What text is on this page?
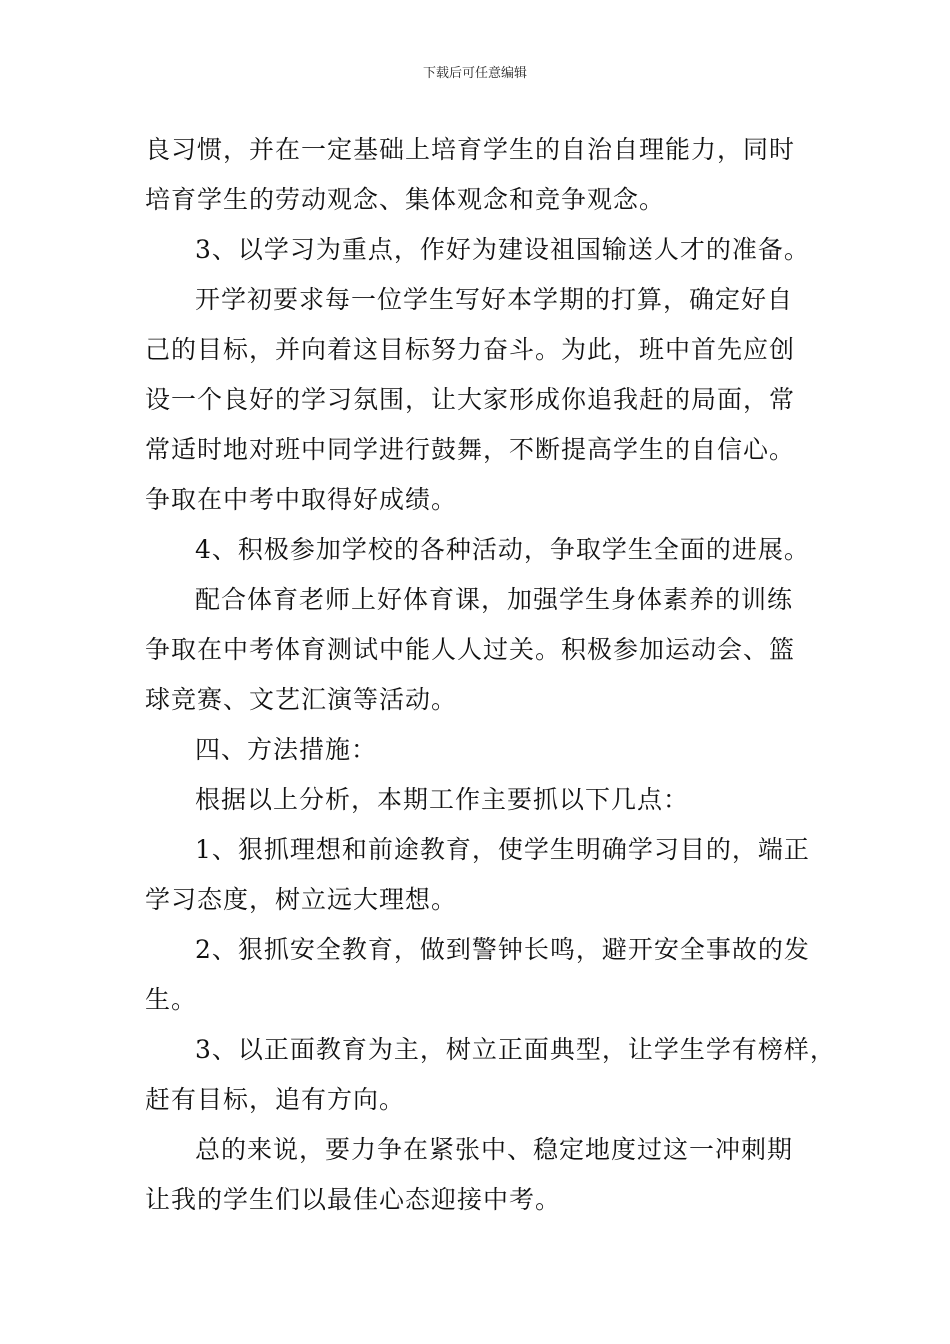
下载后可任意编辑
良习惯，并在一定基础上培育学生的自治自理能力，同时
培育学生的劳动观念、集体观念和竞争观念。
3、以学习为重点，作好为建设祖国输送人才的准备。
开学初要求每一位学生写好本学期的打算，确定好自
己的目标，并向着这目标努力奋斗。为此，班中首先应创
设一个良好的学习氛围，让大家形成你追我赶的局面，常
常适时地对班中同学进行鼓舞，不断提高学生的自信心。
争取在中考中取得好成绩。
4、积极参加学校的各种活动，争取学生全面的进展。
配合体育老师上好体育课，加强学生身体素养的训练
争取在中考体育测试中能人人过关。积极参加运动会、篮
球竞赛、文艺汇演等活动。
四、方法措施：
根据以上分析，本期工作主要抓以下几点：
1、狠抓理想和前途教育，使学生明确学习目的，端正
学习态度，树立远大理想。
2、狠抓安全教育，做到警钟长鸣，避开安全事故的发
生。
3、以正面教育为主，树立正面典型，让学生学有榜样，
赶有目标，追有方向。
总的来说，要力争在紧张中、稳定地度过这一冲刺期
让我的学生们以最佳心态迎接中考。
